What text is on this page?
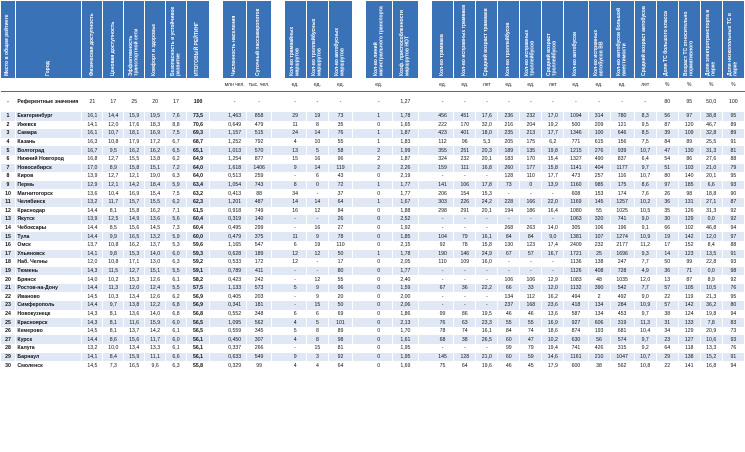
Место в общем рейтинге	Город	Физическая доступность	Ценовая доступность	Эффективность транспортной сети	Комфорт и здоровье	Безопасность и устойчивое развитие	ИТОГОВЫЙ РЕЙТИНГ		Численность населения	Суточный пассажиропоток		Кол-во трамвайных маршрутов	Кол-во троллейбусных маршрутов	Кол-во автобусных маршрутов		Кол-во линий магистрального транспорта	Коэф. приспособленности маршрутов НОТ		Кол-во трамваев	Кол-во исправных трамваев	Средний возраст трамваев	Кол-во троллейбусов	Кол-во исправных троллейбусов	Средний возраст троллейбусов	Кол-во автобусов	Кол-во исправных автобусов ВВ	Кол-во автобусов большой вместимости	Средний возраст автобусов	Доля ТС большого класса	Возраст ТС относительно нормативного	Доля электротранспорта в парке	Доля низкопольных ТС в парке
									млн чел.	тыс. чел.		ед.	ед.	ед.		ед.			ед.	ед.	лет	ед.	ед.	лет	ед.	ед.	ед.	лет	%	%	%	%
-	Референтные значения	21	17	25	20	17	100		-	-		-	-	-		-	1,27		-	-	-	-	-	-	-	-	-	-	80	95	50,0	100
1	Екатеринбург	16,1	14,4	15,9	19,5	7,6	73,5		1,463	858		29	19	73		1	1,78		456	451	17,6	236	232	17,0	1094	314	780	8,3	56	97	38,8	95
2	Ижевск	14,1	12,0	17,6	18,3	8,8	70,6		0,649	479		11	8	35		0	1,65		222	170	32,0	216	204	19,2	500	209	121	9,5	87	120	46,7	89
3	Самара	16,1	10,7	18,1	16,9	7,5	69,3		1,157	515		24	14	76		1	1,87		423	401	18,0	235	213	17,7	1346	100	646	8,5	39	109	32,8	89
4	Казань	16,3	10,8	17,9	17,2	6,7	68,7		1,252	792		4	10	55		1	1,83		112	96	5,3	205	175	6,2	771	615	156	7,5	84	89	25,5	91
5	Волгоград	16,7	9,5	16,2	16,2	6,5	65,1		1,013	570		13	5	58		2	1,99		355	251	20,3	189	135	19,8	1215	276	939	10,7	47	130	31,3	81
6	Нижний Новгород	16,8	12,7	15,5	13,8	6,2	64,9		1,254	877		15	16	96		2	1,87		324	232	20,1	183	170	15,4	1327	490	837	6,4	54	86	27,6	88
7	Новосибирск	17,0	8,9	15,8	15,1	7,2	64,0		1,618	1406		9	14	119		2	2,26		159	111	16,8	260	177	15,8	1141	404	1177	9,7	51	103	21,0	79
8	Киров	13,9	12,7	12,1	19,0	6,3	64,0		0,513	259		-	6	43		0	2,19		-	-	-	128	110	17,7	473	257	116	10,7	80	140	20,1	95
9	Пермь	12,9	12,1	14,2	18,4	5,9	63,4		1,054	743		8	0	72		1	1,77		141	106	17,8	73	0	13,9	1160	985	175	8,6	97	185	6,6	93
10	Магнитогорск	13,6	10,4	16,9	15,4	7,5	63,2		0,413	88		34	-	37		0	1,77		206	154	15,3	-	-	-	608	153	174	7,6	26	98	18,8	90
11	Челябинск	13,2	11,7	15,7	15,5	6,2	62,3		1,201	487		14	14	64		1	1,67		303	226	24,2	228	166	22,0	1169	145	1257	10,2	36	131	27,1	87
12	Краснодар	14,4	8,1	15,8	16,2	7,1	61,5		0,918	749		16	12	84		0	1,88		298	291	20,1	194	186	16,4	1080	55	1025	10,5	35	126	31,3	92
13	Якутск	13,9	12,5	14,9	13,6	5,6	60,4		0,319	140		-	-	26		0	2,52		-	-	-	-	-	-	1063	320	741	9,0	30	129	0,0	92
14	Чебоксары	14,4	8,5	15,6	14,5	7,3	60,4		0,495	299		-	16	27		0	1,92		-	-	-	268	263	14,0	305	106	196	9,1	66	102	46,8	94
15	Тула	14,4	9,9	16,5	13,2	5,9	60,0		0,479	375		11	9	78		0	1,85		104	79	16,1	84	84	9,0	1381	107	1274	10,9	19	142	12,0	97
16	Омск	13,7	10,8	16,2	13,7	5,3	59,6		1,165	547		6	19	110		0	2,15		92	78	15,8	130	123	17,4	2409	232	2177	11,2	17	152	8,4	88
17	Ульяновск	14,1	9,8	15,3	14,0	6,0	59,3		0,628	189		12	12	50		1	1,78		190	146	24,9	67	57	16,7	1721	25	1696	9,3	14	123	13,5	91
18	Наб. Челны	12,0	10,8	17,1	13,0	6,3	59,2		0,533	172		12	-	17		0	2,05		110	109	16,0	-	-	-	1136	138	247	7,7	50	99	22,8	93
19	Тюмень	14,3	11,5	12,7	15,1	5,5	59,1		0,789	411		-	-	80		0	1,77		-	-	-	-	-	-	1126	408	728	4,9	36	71	0,0	98
20	Брянск	14,0	10,2	15,3	12,6	6,1	58,2		0,423	242		-	12	55		0	2,40		-	-	-	106	106	12,9	1083	48	1035	12,0	13	87	8,9	92
21	Ростов-на-Дону	14,4	11,3	12,0	12,4	5,5	57,5		1,133	573		5	9	96		0	1,59		67	36	22,2	66	33	12,0	1132	390	542	7,7	57	105	10,5	76
22	Иваново	14,5	10,3	13,4	12,6	6,2	56,9		0,405	203		-	9	20		0	2,00		-	-	-	134	112	16,2	494	2	492	9,0	22	119	21,3	95
23	Симферополь	14,4	9,7	13,8	12,2	6,8	56,9		0,341	181		-	15	50		0	2,06		-	-	-	237	168	23,6	418	134	284	10,9	57	142	36,2	80
24	Новокузнецк	14,3	8,1	13,6	14,0	6,8	56,8		0,552	348		6	6	69		0	1,86		99	86	19,5	46	46	13,6	587	134	453	9,7	38	124	19,8	94
25	Красноярск	14,3	8,1	11,6	15,9	6,0	56,5		1,095	562		4	5	101		0	2,13		76	63	23,3	55	55	16,9	927	606	319	11,3	31	133	7,8	83
26	Кемерово	14,5	8,1	13,7	14,2	6,1	56,5		0,559	345		5	8	89		0	1,70		78	74	16,1	84	74	18,6	874	193	681	10,4	34	129	20,9	73
27	Курск	14,4	8,6	15,6	11,7	6,0	56,1		0,450	307		4	8	98		0	1,61		68	38	26,5	60	47	10,2	630	56	574	9,7	23	127	10,6	93
28	Калуга	13,2	10,0	13,4	13,3	6,1	56,1		0,337	266		-	15	81		0	1,95		-	-	-	99	79	19,4	741	426	315	9,2	64	118	13,3	76
29	Барнаул	14,1	8,4	15,9	11,1	6,6	56,1		0,633	549		9	3	92		0	1,95		145	128	21,0	60	59	14,6	1161	210	1047	10,7	29	138	15,2	91
30	Смоленск	14,5	7,3	16,5	9,6	6,3	55,8		0,329	99		4	4	64		0	1,69		75	64	19,6	46	45	17,9	600	38	562	10,8	22	141	16,8	94
